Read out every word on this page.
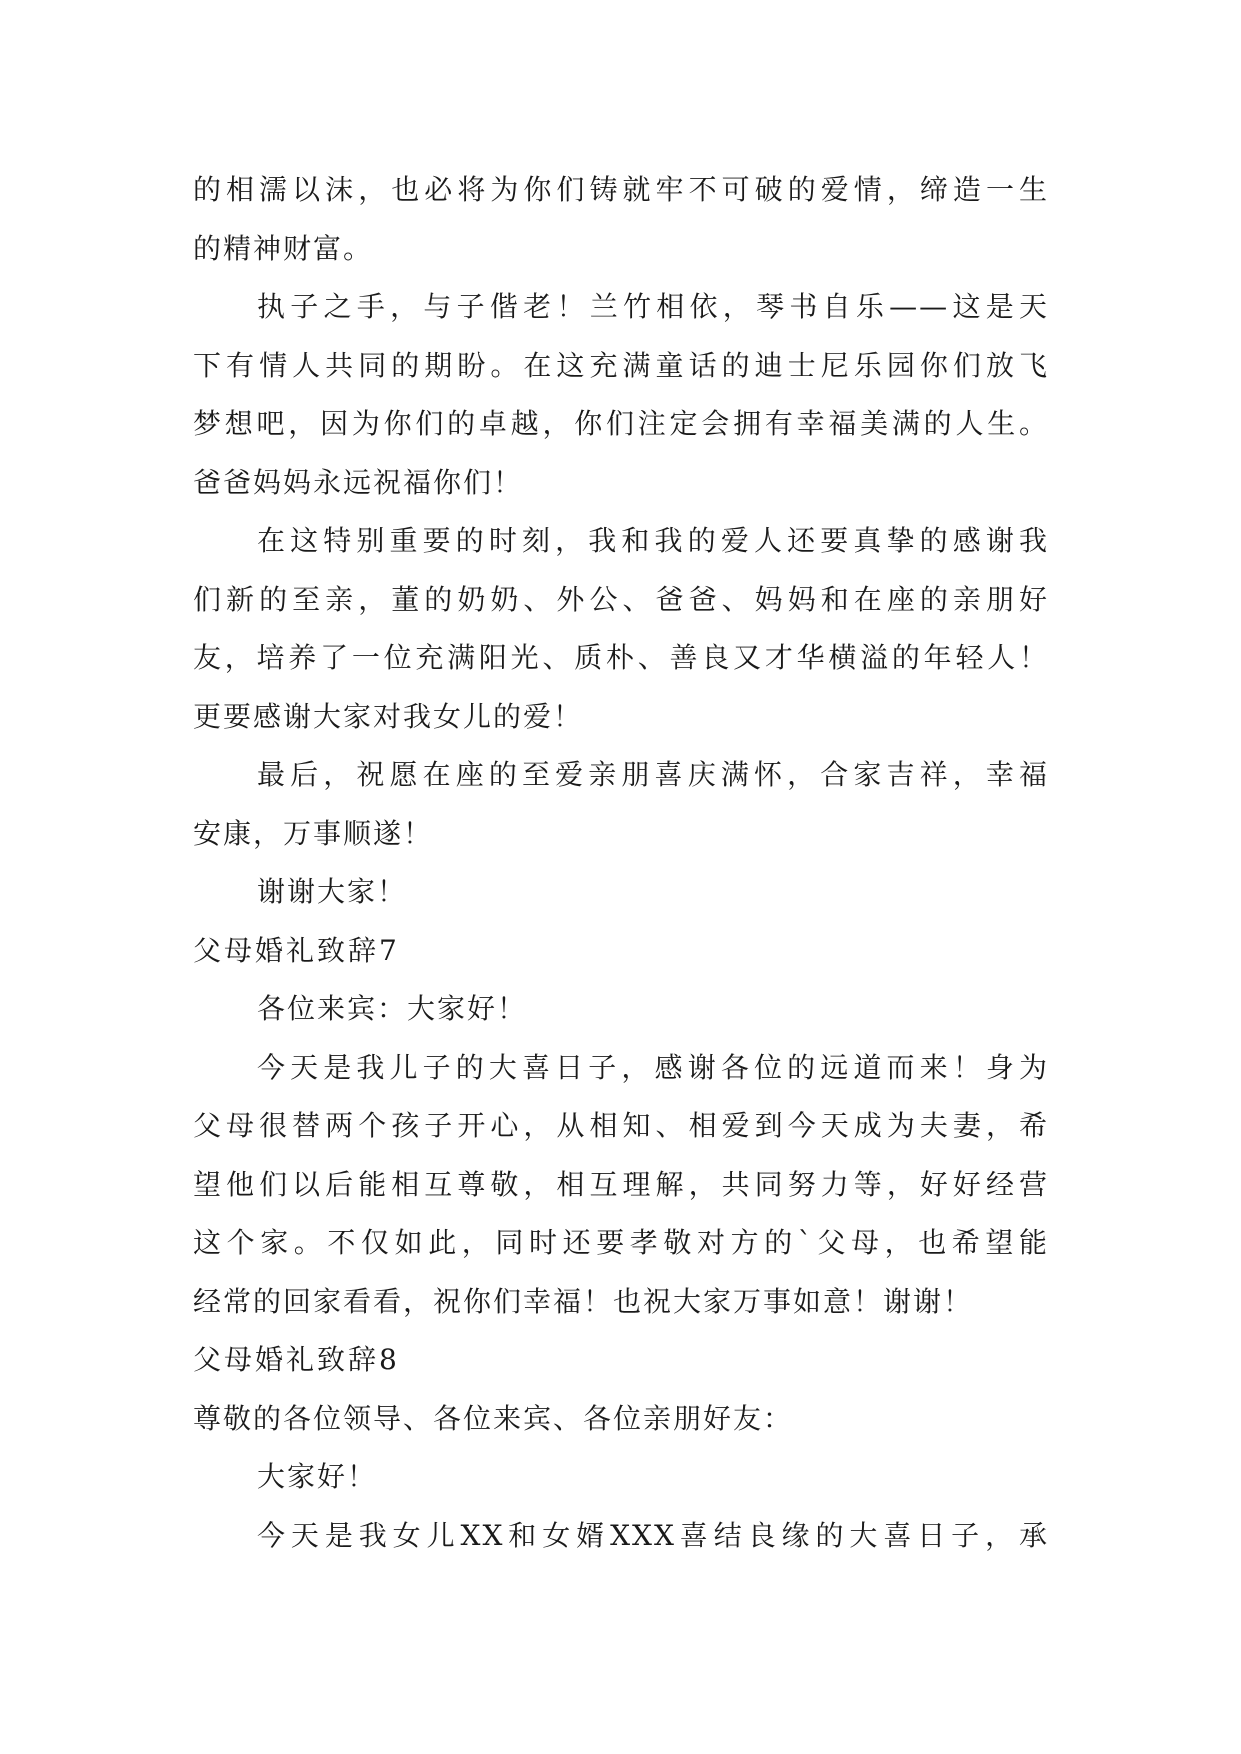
的相濡以沫，也必将为你们铸就牢不可破的爱情，缔造一生
的精神财富。
执子之手，与子偕老！兰竹相依，琴书自乐——这是天
下有情人共同的期盼。在这充满童话的迪士尼乐园你们放飞
梦想吧，因为你们的卓越，你们注定会拥有幸福美满的人生。
爸爸妈妈永远祝福你们！
在这特别重要的时刻，我和我的爱人还要真挚的感谢我
们新的至亲，董的奶奶、外公、爸爸、妈妈和在座的亲朋好
友，培养了一位充满阳光、质朴、善良又才华横溢的年轻人！
更要感谢大家对我女儿的爱！
最后，祝愿在座的至爱亲朋喜庆满怀，合家吉祥，幸福
安康，万事顺遂！
谢谢大家！
父母婚礼致辞7
各位来宾：大家好！
今天是我儿子的大喜日子，感谢各位的远道而来！身为
父母很替两个孩子开心，从相知、相爱到今天成为夫妻，希
望他们以后能相互尊敬，相互理解，共同努力等，好好经营
这个家。不仅如此，同时还要孝敬对方的`父母，也希望能
经常的回家看看，祝你们幸福！也祝大家万事如意！谢谢！
父母婚礼致辞8
尊敬的各位领导、各位来宾、各位亲朋好友：
大家好！
今天是我女儿XX和女婿XXX喜结良缘的大喜日子，承
